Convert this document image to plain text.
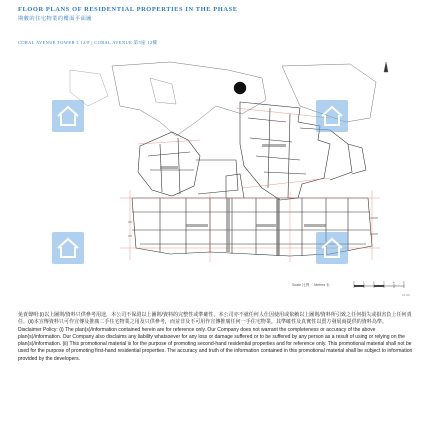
FLOOR PLANS OF RESIDENTIAL PROPERTIES IN THE PHASE
期數的住宅物業的樓面平面圖
CORAL AVENUE TOWER 5 12/F | CORAL AVENUE 第5座 12樓
Scale 比例 Metres 米	0	1	2	3	4	5
12-09

免責聲明:(i)以上圖則/資料只供參考用途，本公司不保證以上圖則/資料的完整性或準確性，本公司亦不就任何人仕因使用或依賴以上圖則/資料所引致之任何損失或損害負上任何責任。(ii)本宣傳資料只可作宣傳及推廣二手住宅物業之用及只供參考，而並非及不可用作宣傳推廣任何一手住宅物業。其準確性及真實性以賣方發展商提供的資料為準。

Disclaimer Policy: (i) The plan(s)/information contained herein are for reference only. Our Company does not warrant the completeness or accuracy of the above plan(s)/information. Our Company also disclaims any liability whatsoever for any loss or damage suffered or to be suffered by any person as a result of using or relying on the plan(s)/information. (ii) This promotional material is for the purpose of promoting second-hand residential properties and for reference only. This promotional material shall not be used for the purpose of promoting first-hand residential properties. The accuracy and truth of the information contained in this promotional material shall be subject to information provided by the developers.
